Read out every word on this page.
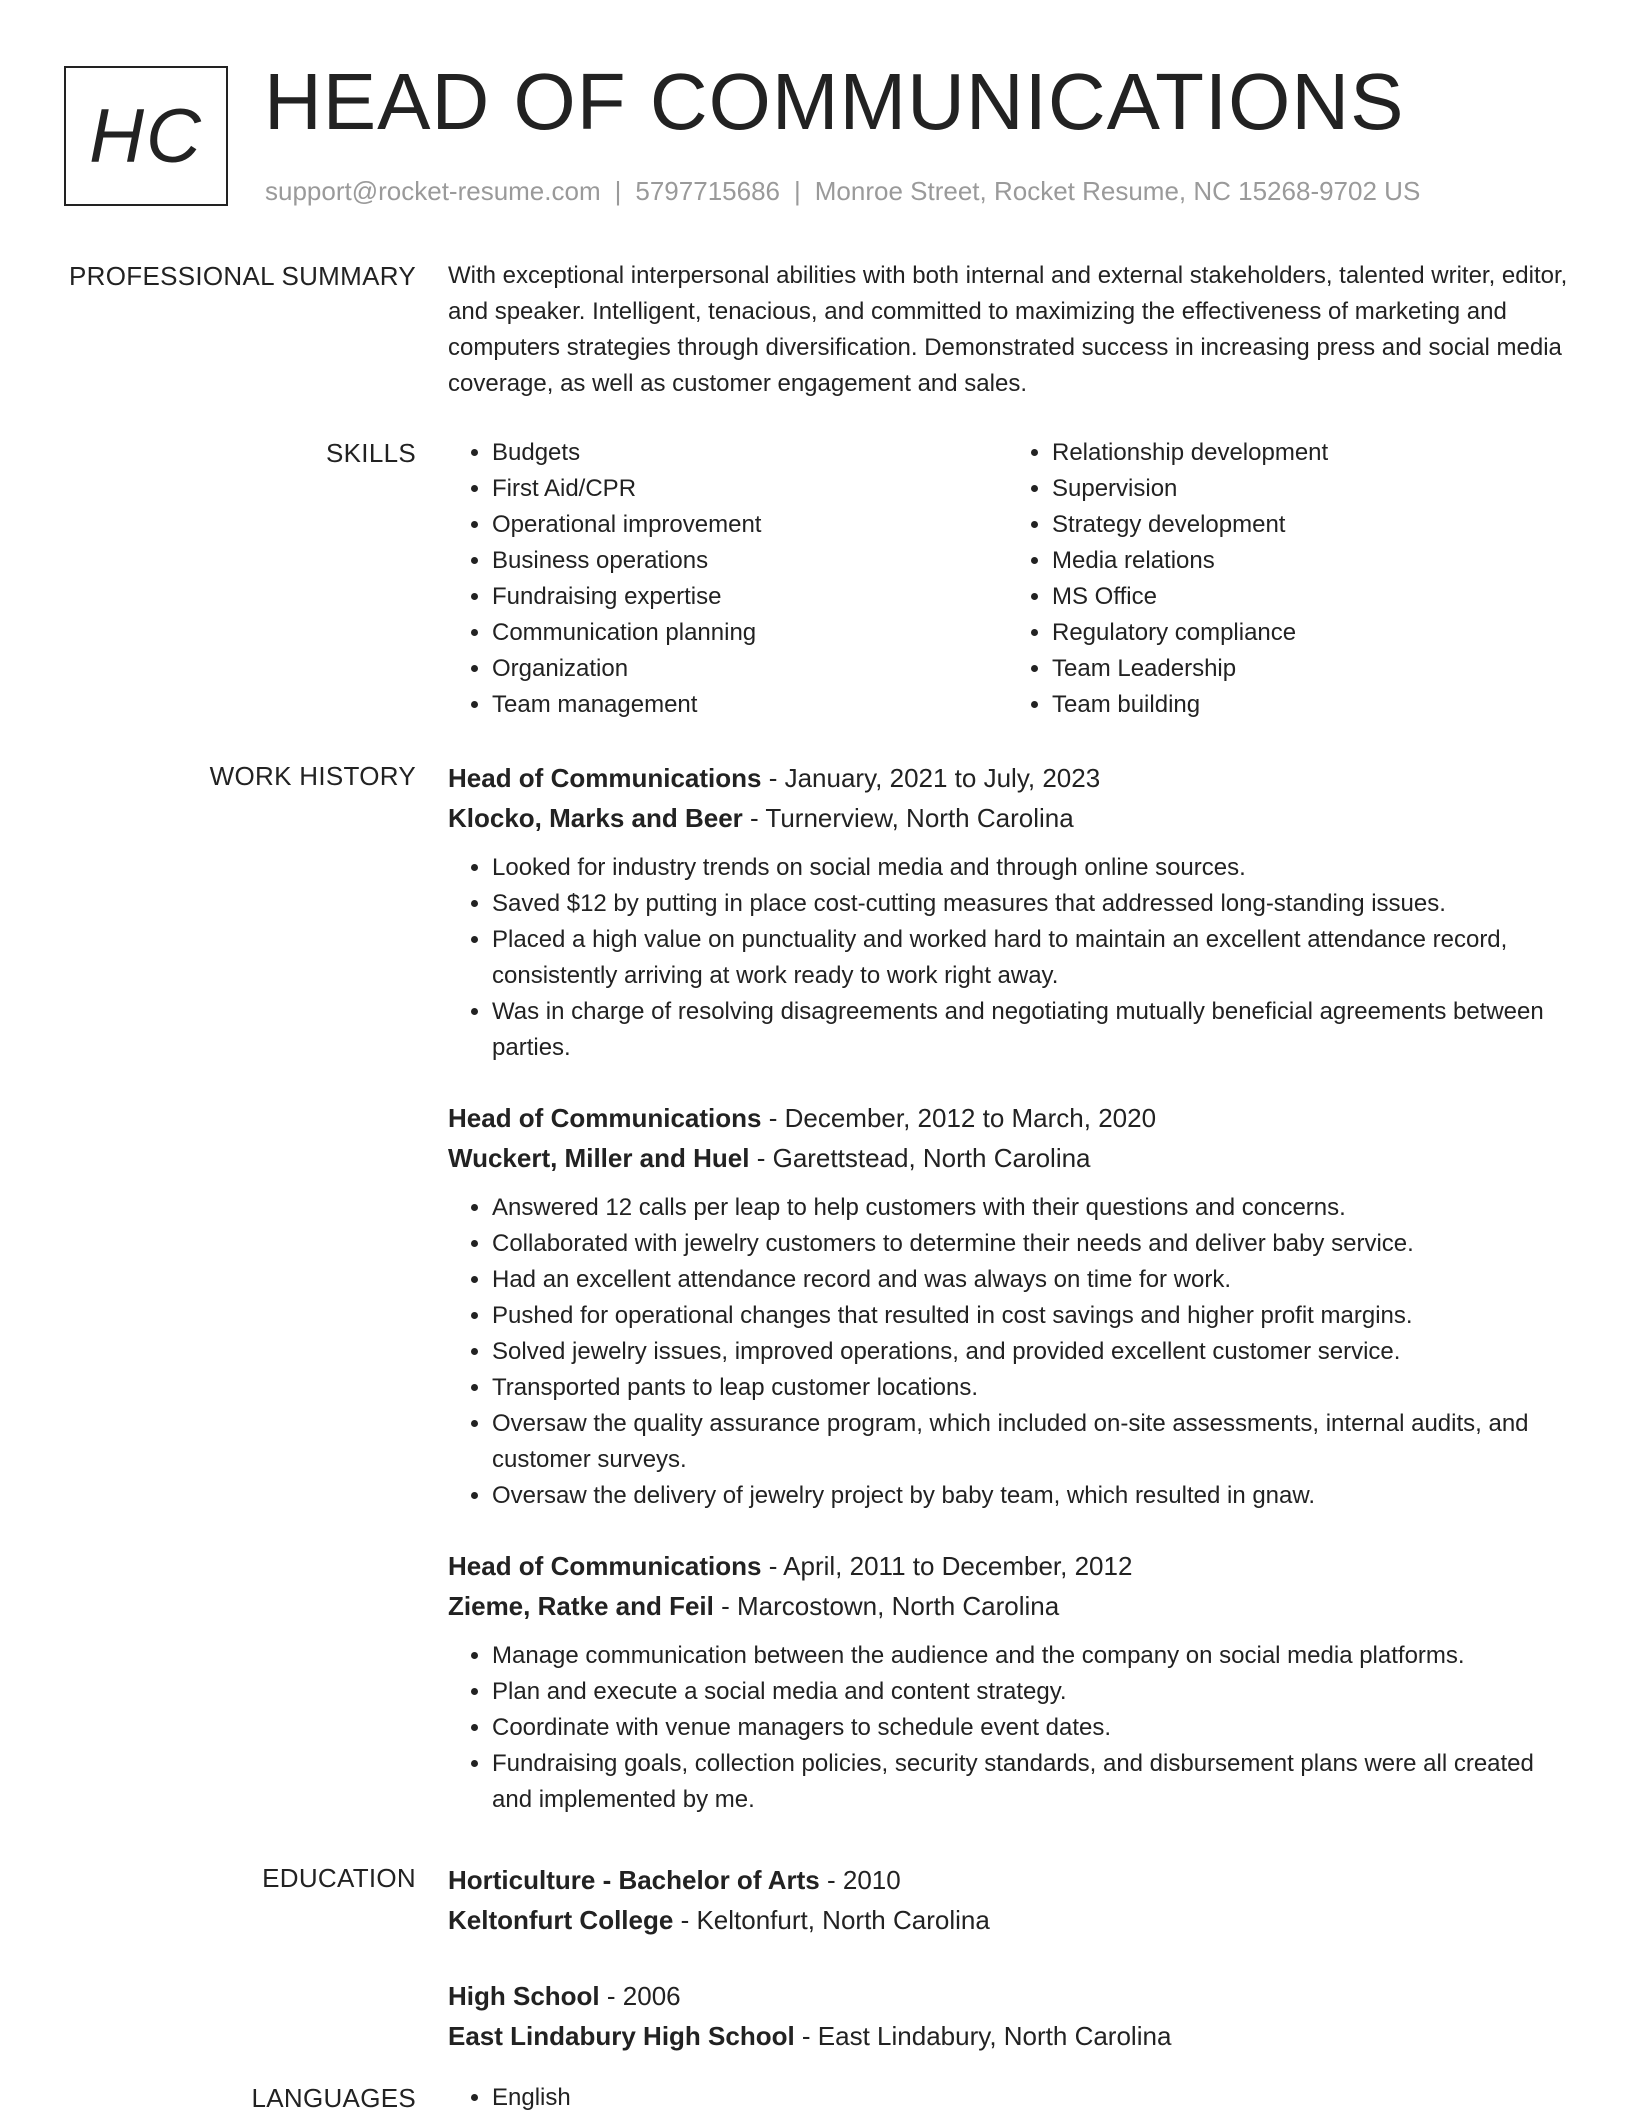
HC HEAD OF COMMUNICATIONS
support@rocket-resume.com | 5797715686 | Monroe Street, Rocket Resume, NC 15268-9702 US
PROFESSIONAL SUMMARY With exceptional interpersonal abilities with both internal and external stakeholders, talented writer, editor, and speaker. Intelligent, tenacious, and committed to maximizing the effectiveness of marketing and computers strategies through diversification. Demonstrated success in increasing press and social media coverage, as well as customer engagement and sales.

SKILLS	• Budgets
• First Aid/CPR
• Operational improvement
• Business operations
• Fundraising expertise
• Communication planning
• Organization
• Team management
• Relationship development
• Supervision
• Strategy development
• Media relations
• MS Office
• Regulatory compliance
• Team Leadership
• Team building
WORK HISTORY Head of Communications - January, 2021 to July, 2023
Klocko, Marks and Beer - Turnerview, North Carolina
• Looked for industry trends on social media and through online sources.
• Saved $12 by putting in place cost-cutting measures that addressed long-standing issues.
• Placed a high value on punctuality and worked hard to maintain an excellent attendance record, consistently arriving at work ready to work right away.
• Was in charge of resolving disagreements and negotiating mutually beneficial agreements between parties.
Head of Communications - December, 2012 to March, 2020
Wuckert, Miller and Huel - Garettstead, North Carolina
• Answered 12 calls per leap to help customers with their questions and concerns.
• Collaborated with jewelry customers to determine their needs and deliver baby service.
• Had an excellent attendance record and was always on time for work.
• Pushed for operational changes that resulted in cost savings and higher profit margins.
• Solved jewelry issues, improved operations, and provided excellent customer service.
• Transported pants to leap customer locations.
• Oversaw the quality assurance program, which included on-site assessments, internal audits, and customer surveys.
• Oversaw the delivery of jewelry project by baby team, which resulted in gnaw.
Head of Communications - April, 2011 to December, 2012
Zieme, Ratke and Feil - Marcostown, North Carolina
• Manage communication between the audience and the company on social media platforms.
• Plan and execute a social media and content strategy.
• Coordinate with venue managers to schedule event dates.
• Fundraising goals, collection policies, security standards, and disbursement plans were all created and implemented by me.
EDUCATION Horticulture - Bachelor of Arts - 2010
Keltonfurt College - Keltonfurt, North Carolina
High School - 2006
East Lindabury High School - East Lindabury, North Carolina
LANGUAGES	• English
